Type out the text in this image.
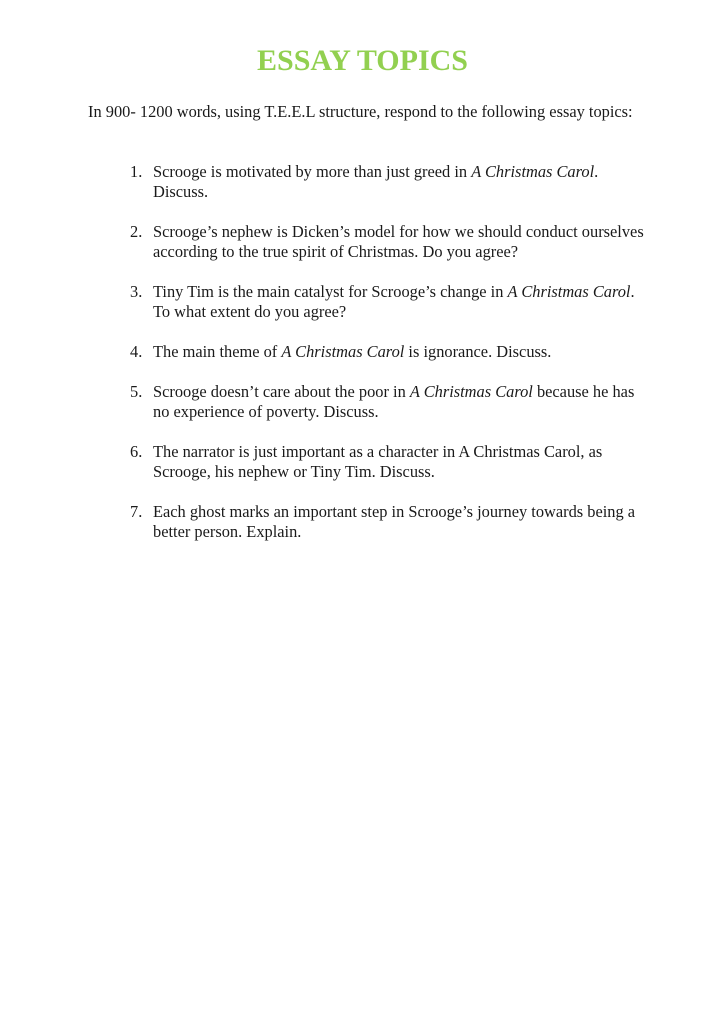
ESSAY TOPICS

In 900- 1200 words, using T.E.E.L structure, respond to the following essay topics:

1. Scrooge is motivated by more than just greed in A Christmas Carol. Discuss.
2. Scrooge’s nephew is Dicken’s model for how we should conduct ourselves according to the true spirit of Christmas. Do you agree?
3. Tiny Tim is the main catalyst for Scrooge’s change in A Christmas Carol. To what extent do you agree?
4. The main theme of A Christmas Carol is ignorance. Discuss.
5. Scrooge doesn’t care about the poor in A Christmas Carol because he has no experience of poverty. Discuss.
6. The narrator is just important as a character in A Christmas Carol, as Scrooge, his nephew or Tiny Tim. Discuss.
7. Each ghost marks an important step in Scrooge’s journey towards being a better person. Explain.
